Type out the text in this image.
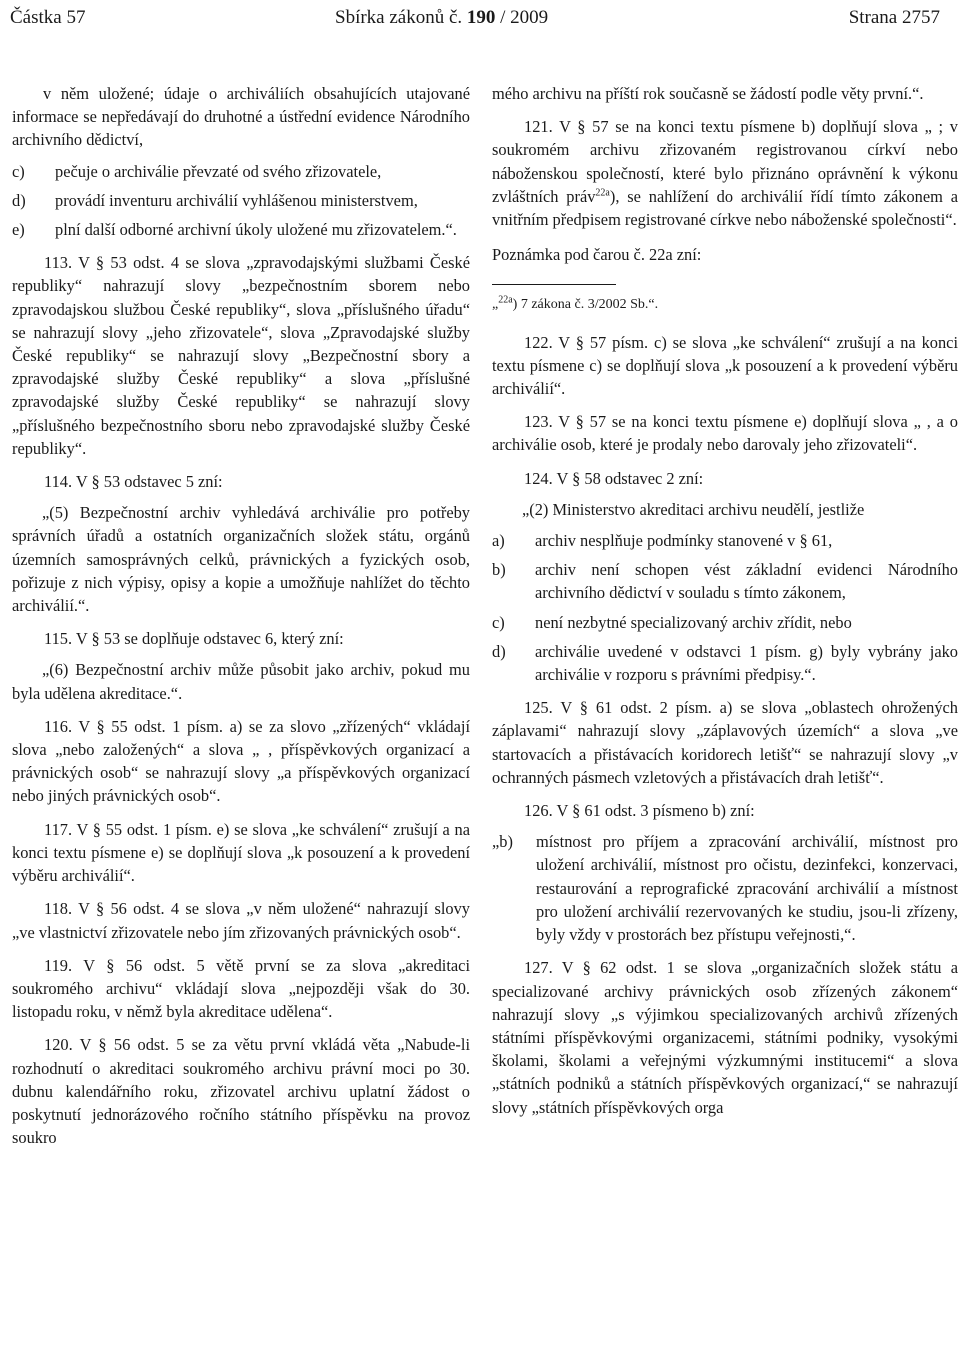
Částka 57	Sbírka zákonů č. 190 / 2009	Strana 2757

v něm uložené; údaje o archiváliích obsahujících utajované informace se nepředávají do druhotné a ústřední evidence Národního archivního dědictví,

c) pečuje o archiválie převzaté od svého zřizovatele,
d) provádí inventuru archiválií vyhlášenou ministerstvem,
e) plní další odborné archivní úkoly uložené mu zřizovatelem.“.

113. V § 53 odst. 4 se slova „zpravodajskými službami České republiky“ nahrazují slovy „bezpečnostním sborem nebo zpravodajskou službou České republiky“, slova „příslušného úřadu“ se nahrazují slovy „jeho zřizovatele“, slova „Zpravodajské služby České republiky“ se nahrazují slovy „Bezpečnostní sbory a zpravodajské služby České republiky“ a slova „příslušné zpravodajské služby České republiky“ se nahrazují slovy „příslušného bezpečnostního sboru nebo zpravodajské služby České republiky“.

114. V § 53 odstavec 5 zní:

„(5) Bezpečnostní archiv vyhledává archiválie pro potřeby správních úřadů a ostatních organizačních složek státu, orgánů územních samosprávných celků, právnických a fyzických osob, pořizuje z nich výpisy, opisy a kopie a umožňuje nahlížet do těchto archiválií.“.

115. V § 53 se doplňuje odstavec 6, který zní:

„(6) Bezpečnostní archiv může působit jako archiv, pokud mu byla udělena akreditace.“.

116. V § 55 odst. 1 písm. a) se za slovo „zřízených“ vkládají slova „nebo založených“ a slova „ , příspěvkových organizací a právnických osob“ se nahrazují slovy „a příspěvkových organizací nebo jiných právnických osob“.

117. V § 55 odst. 1 písm. e) se slova „ke schválení“ zrušují a na konci textu písmene e) se doplňují slova „k posouzení a k provedení výběru archiválií“.

118. V § 56 odst. 4 se slova „v něm uložené“ nahrazují slovy „ve vlastnictví zřizovatele nebo jím zřizovaných právnických osob“.

119. V § 56 odst. 5 větě první se za slova „akreditaci soukromého archivu“ vkládají slova „nejpozději však do 30. listopadu roku, v němž byla akreditace udělena“.

120. V § 56 odst. 5 se za větu první vkládá věta „Nabude-li rozhodnutí o akreditaci soukromého archivu právní moci po 30. dubnu kalendářního roku, zřizovatel archivu uplatní žádost o poskytnutí jednorázového ročního státního příspěvku na provoz soukro

mého archivu na příští rok současně se žádostí podle věty první.“.

121. V § 57 se na konci textu písmene b) doplňují slova „ ; v soukromém archivu zřizovaném registrovanou církví nebo náboženskou společností, které bylo přiznáno oprávnění k výkonu zvláštních práv$^{22a}$), se nahlížení do archiválií řídí tímto zákonem a vnitřním předpisem registrované církve nebo náboženské společnosti“.

Poznámka pod čarou č. 22a zní:

„$^{22a}$) 7 zákona č. 3/2002 Sb.“.

122. V § 57 písm. c) se slova „ke schválení“ zrušují a na konci textu písmene c) se doplňují slova „k posouzení a k provedení výběru archiválií“.

123. V § 57 se na konci textu písmene e) doplňují slova „ , a o archiválie osob, které je prodaly nebo darovaly jeho zřizovateli“.

124. V § 58 odstavec 2 zní:

„(2) Ministerstvo akreditaci archivu neudělí, jestliže

a) archiv nesplňuje podmínky stanovené v § 61,
b) archiv není schopen vést základní evidenci Národního archivního dědictví v souladu s tímto zákonem,
c) není nezbytné specializovaný archiv zřídit, nebo
d) archiválie uvedené v odstavci 1 písm. g) byly vybrány jako archiválie v rozporu s právními předpisy.“.

125. V § 61 odst. 2 písm. a) se slova „oblastech ohrožených záplavami“ nahrazují slovy „záplavových územích“ a slova „ve startovacích a přistávacích koridorech letišť“ se nahrazují slovy „v ochranných pásmech vzletových a přistávacích drah letišť“.

126. V § 61 odst. 3 písmeno b) zní:

„b) místnost pro příjem a zpracování archiválií, místnost pro uložení archiválií, místnost pro očistu, dezinfekci, konzervaci, restaurování a reprografické zpracování archiválií a místnost pro uložení archiválií rezervovaných ke studiu, jsou-li zřízeny, byly vždy v prostorách bez přístupu veřejnosti,“.

127. V § 62 odst. 1 se slova „organizačních složek státu a specializované archivy právnických osob zřízených zákonem“ nahrazují slovy „s výjimkou specializovaných archivů zřízených státními příspěvkovými organizacemi, státními podniky, vysokými školami, školami a veřejnými výzkumnými institucemi“ a slova „státních podniků a státních příspěvkových organizací,“ se nahrazují slovy „státních příspěvkových orga
